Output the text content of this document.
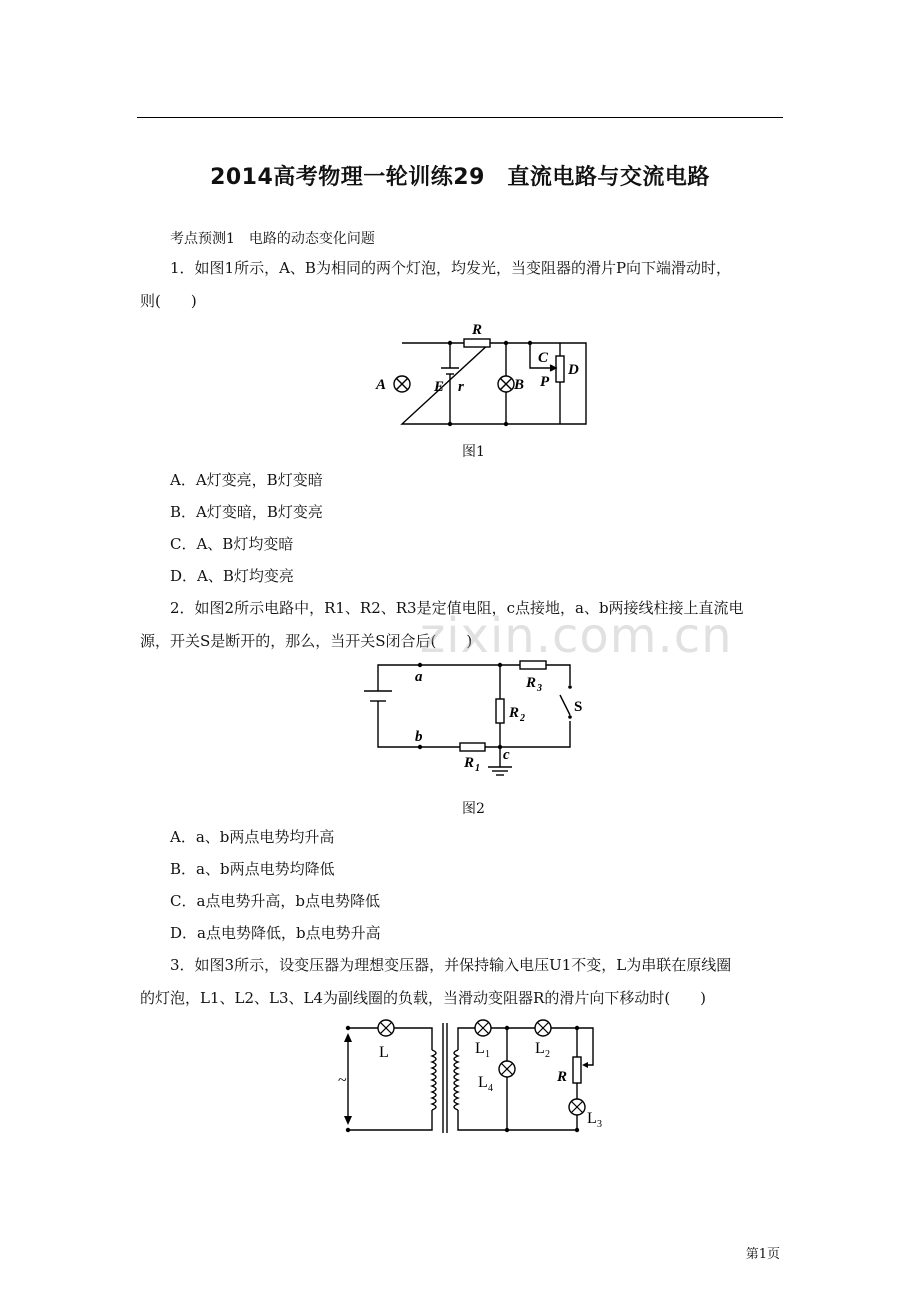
2014高考物理一轮训练29　直流电路与交流电路
考点预测1　电路的动态变化问题
1．如图1所示，A、B为相同的两个灯泡，均发光，当变阻器的滑片P向下端滑动时，
则(　　)
R
A	E r	B
C
P
D
图1
A．A灯变亮，B灯变暗
B．A灯变暗，B灯变亮
C．A、B灯均变暗
D．A、B灯均变亮
2．如图2所示电路中，R1、R2、R3是定值电阻，c点接地，a、b两接线柱接上直流电
源，开关S是断开的，那么，当开关S闭合后(　　)
a
b
c
R 1
R 2
R 3
S
图2
A．a、b两点电势均升高
B．a、b两点电势均降低
C．a点电势升高，b点电势降低
D．a点电势降低，b点电势升高
3．如图3所示，设变压器为理想变压器，并保持输入电压U1不变，L为串联在原线圈
的灯泡，L1、L2、L3、L4为副线圈的负载，当滑动变阻器R的滑片向下移动时(　　)
L	L 1	L 2
L 3
L 4
R
~
zixin.com.cn
第1页
